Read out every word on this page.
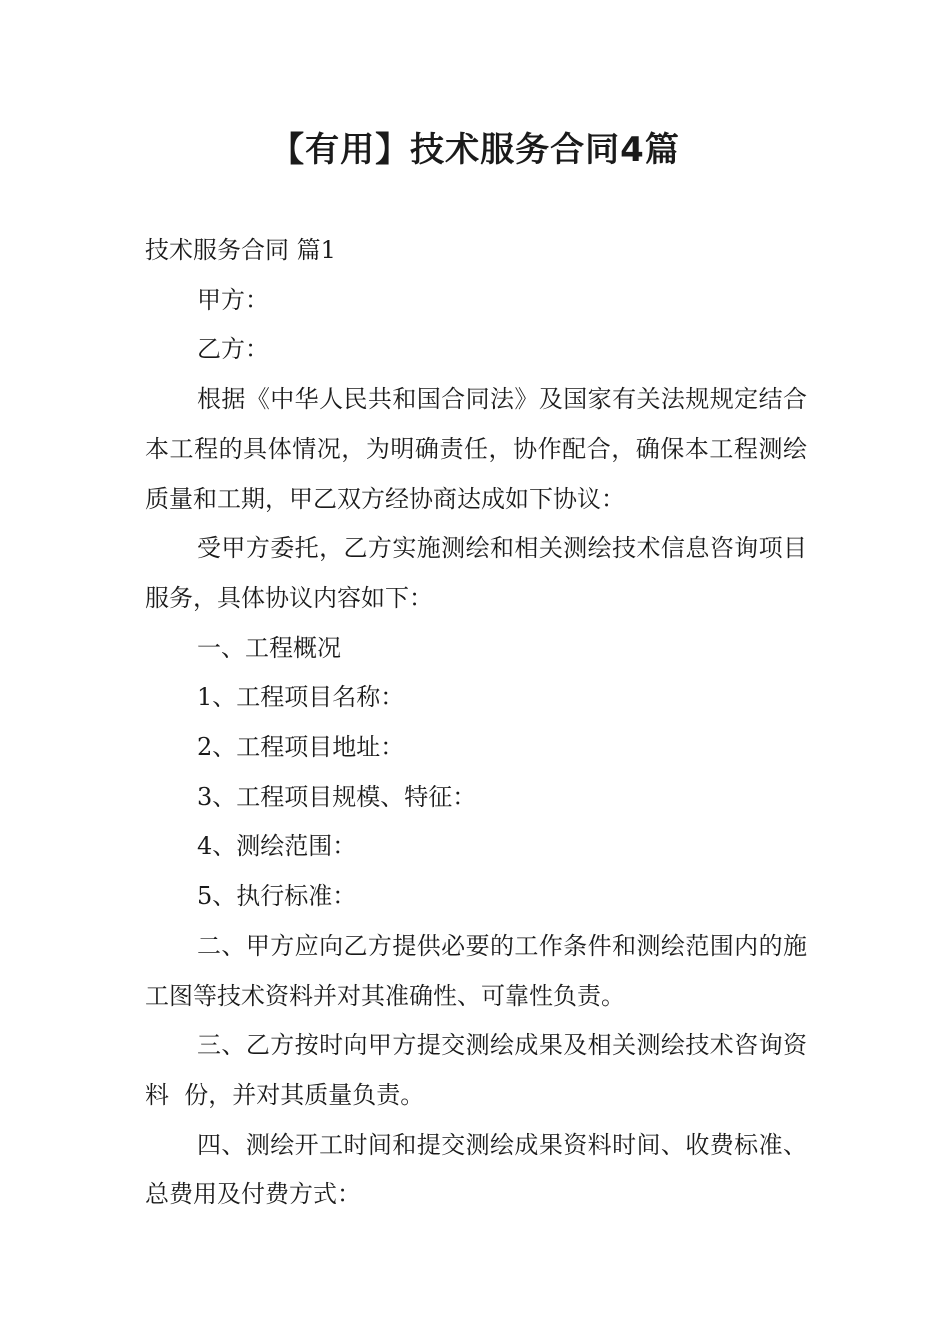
【有用】技术服务合同4篇

技术服务合同 篇1

甲方：

乙方：

根据《中华人民共和国合同法》及国家有关法规规定结合本工程的具体情况，为明确责任，协作配合，确保本工程测绘质量和工期，甲乙双方经协商达成如下协议：

受甲方委托，乙方实施测绘和相关测绘技术信息咨询项目服务，具体协议内容如下：

一、工程概况

1、工程项目名称：

2、工程项目地址：

3、工程项目规模、特征：

4、测绘范围：

5、执行标准：

二、甲方应向乙方提供必要的工作条件和测绘范围内的施工图等技术资料并对其准确性、可靠性负责。

三、乙方按时向甲方提交测绘成果及相关测绘技术咨询资料  份，并对其质量负责。

四、测绘开工时间和提交测绘成果资料时间、收费标准、总费用及付费方式：
